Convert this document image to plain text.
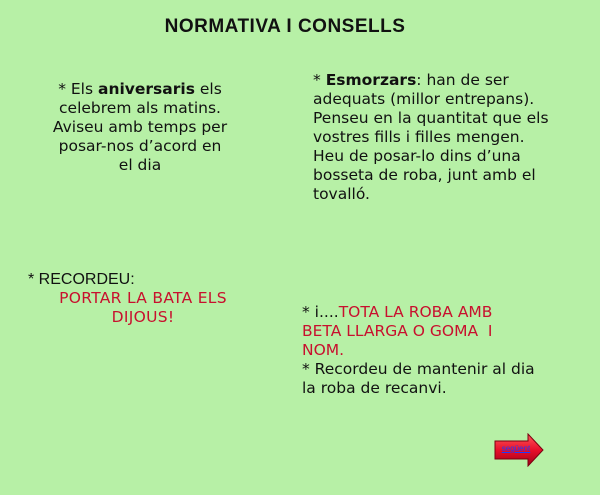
NORMATIVA I CONSELLS
* Els aniversaris els
celebrem als matins.
Aviseu amb temps per
posar-nos d’acord en
el dia
* Esmorzars: han de ser
adequats (millor entrepans).
Penseu en la quantitat que els
vostres fills i filles mengen.
Heu de posar-lo dins d’una
bosseta de roba, junt amb el
tovalló.
* RECORDEU:
PORTAR LA BATA ELS
DIJOUS!	* i....TOTA LA ROBA AMB
BETA LLARGA O GOMA  I
NOM.
* Recordeu de mantenir al dia
la roba de recanvi.
següent
